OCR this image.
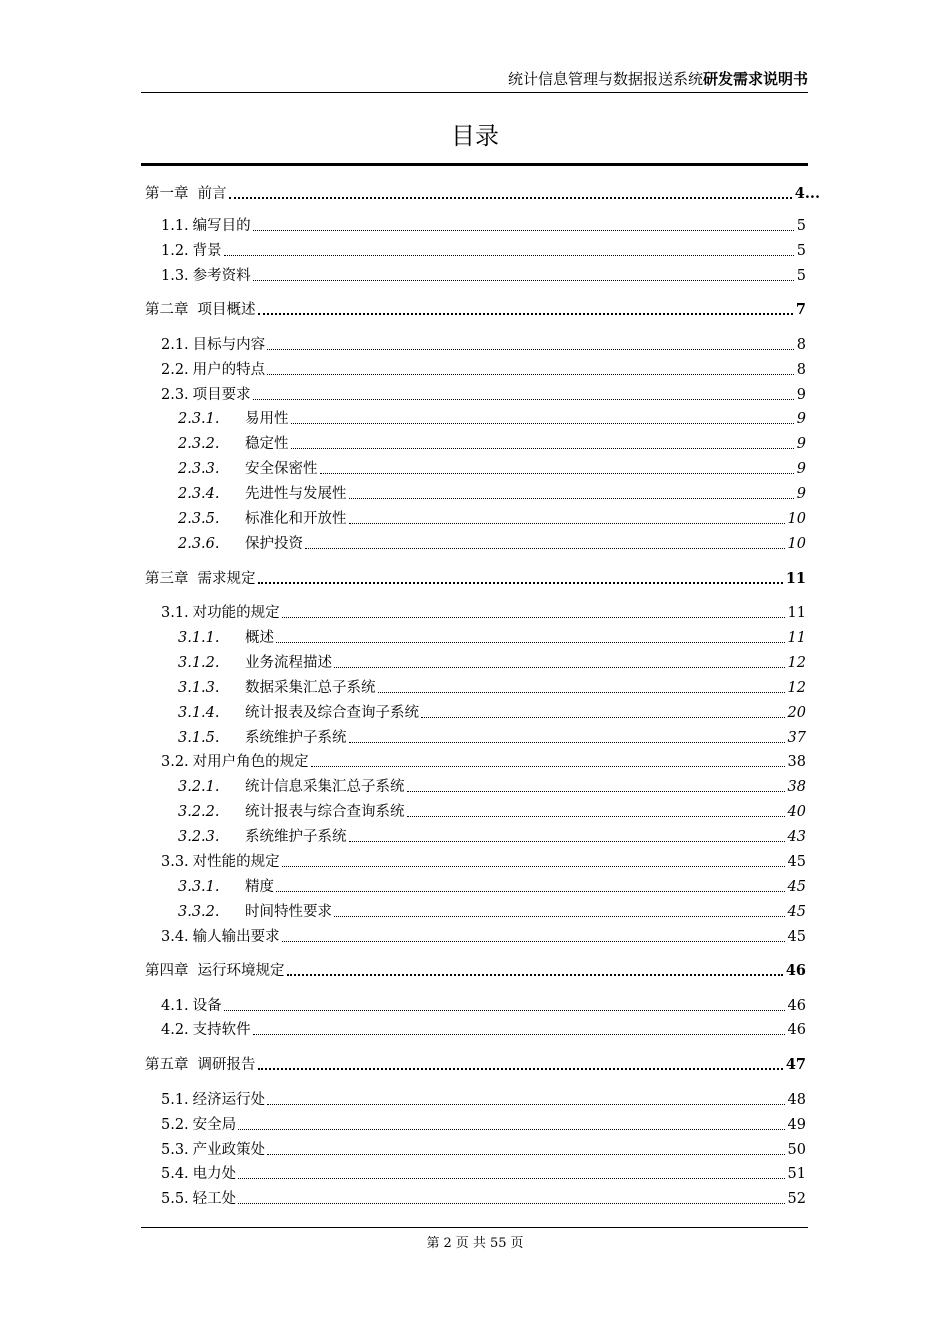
统计信息管理与数据报送系统研发需求说明书
目录
第一章 前言	4...
1.1. 编写目的	5
1.2. 背景	5
1.3. 参考资料	5
第二章 项目概述	7
2.1. 目标与内容	8
2.2. 用户的特点	8
2.3. 项目要求	9
2.3.1.	易用性	9
2.3.2.	稳定性	9
2.3.3.	安全保密性	9
2.3.4.	先进性与发展性	9
2.3.5.	标准化和开放性	10
2.3.6.	保护投资	10
第三章 需求规定	11
3.1. 对功能的规定	11
3.1.1.	概述	11
3.1.2.	业务流程描述	12
3.1.3.	数据采集汇总子系统	12
3.1.4.	统计报表及综合查询子系统	20
3.1.5.	系统维护子系统	37
3.2. 对用户角色的规定	38
3.2.1.	统计信息采集汇总子系统	38
3.2.2.	统计报表与综合查询系统	40
3.2.3.	系统维护子系统	43
3.3. 对性能的规定	45
3.3.1.	精度	45
3.3.2.	时间特性要求	45
3.4. 输人输出要求	45
第四章 运行环境规定	46
4.1. 设备	46
4.2. 支持软件	46
第五章 调研报告	47
5.1. 经济运行处	48
5.2. 安全局	49
5.3. 产业政策处	50
5.4. 电力处	51
5.5. 轻工处	52
第 2 页 共 55 页
